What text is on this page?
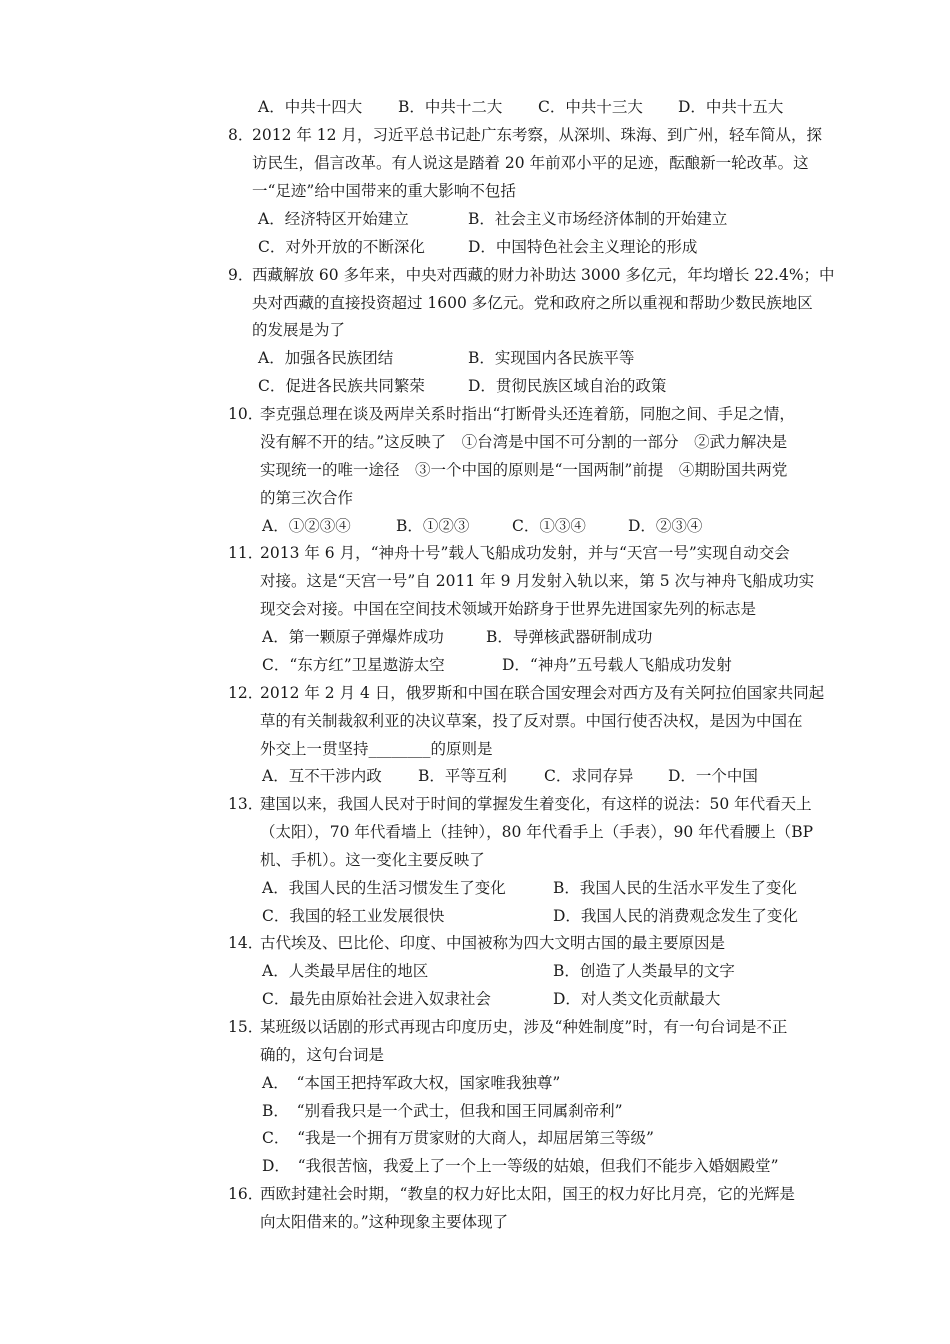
A．中共十四大 B．中共十二大 C．中共十三大 D．中共十五大
8．
2012 年 12 月，习近平总书记赴广东考察，从深圳、珠海、到广州，轻车简从，探
访民生，倡言改革。有人说这是踏着 20 年前邓小平的足迹，酝酿新一轮改革。这
一“足迹”给中国带来的重大影响不包括
A．经济特区开始建立	B．社会主义市场经济体制的开始建立
C．对外开放的不断深化	D．中国特色社会主义理论的形成
9．
西藏解放 60 多年来，中央对西藏的财力补助达 3000 多亿元，年均增长 22.4%；中
央对西藏的直接投资超过 1600 多亿元。党和政府之所以重视和帮助少数民族地区
的发展是为了
A．加强各民族团结	B．实现国内各民族平等
C．促进各民族共同繁荣	D．贯彻民族区域自治的政策
10．
李克强总理在谈及两岸关系时指出“打断骨头还连着筋，同胞之间、手足之情，
没有解不开的结。”这反映了　①台湾是中国不可分割的一部分　②武力解决是
实现统一的唯一途径　③一个中国的原则是“一国两制”前提　④期盼国共两党
的第三次合作
A．①②③④	B．①②③	C．①③④	D．②③④
11．
2013 年 6 月，“神舟十号”载人飞船成功发射，并与“天宫一号”实现自动交会
对接。这是“天宫一号”自 2011 年 9 月发射入轨以来，第 5 次与神舟飞船成功实
现交会对接。中国在空间技术领域开始跻身于世界先进国家先列的标志是
A．第一颗原子弹爆炸成功	B．导弹核武器研制成功
C．“东方红”卫星遨游太空	D．“神舟”五号载人飞船成功发射
12．
2012 年 2 月 4 日，俄罗斯和中国在联合国安理会对西方及有关阿拉伯国家共同起
草的有关制裁叙利亚的决议草案，投了反对票。中国行使否决权，是因为中国在
外交上一贯坚持________的原则是
A．互不干涉内政 B．平等互利 C．求同存异 D．一个中国
13．
建国以来，我国人民对于时间的掌握发生着变化，有这样的说法：50 年代看天上
（太阳），70 年代看墙上（挂钟），80 年代看手上（手表），90 年代看腰上（BP
机、手机）。这一变化主要反映了
A．我国人民的生活习惯发生了变化	B．我国人民的生活水平发生了变化
C．我国的轻工业发展很快	D．我国人民的消费观念发生了变化
14．
古代埃及、巴比伦、印度、中国被称为四大文明古国的最主要原因是
A．人类最早居住的地区	B．创造了人类最早的文字
C．最先由原始社会进入奴隶社会	D．对人类文化贡献最大
15．
某班级以话剧的形式再现古印度历史，涉及“种姓制度”时，有一句台词是不正
确的，这句台词是
A．　“本国王把持军政大权，国家唯我独尊”
B．　“别看我只是一个武士，但我和国王同属刹帝利”
C．　“我是一个拥有万贯家财的大商人，却屈居第三等级”
D．　“我很苦恼，我爱上了一个上一等级的姑娘，但我们不能步入婚姻殿堂”
16．
西欧封建社会时期，“教皇的权力好比太阳，国王的权力好比月亮，它的光辉是
向太阳借来的。”这种现象主要体现了
